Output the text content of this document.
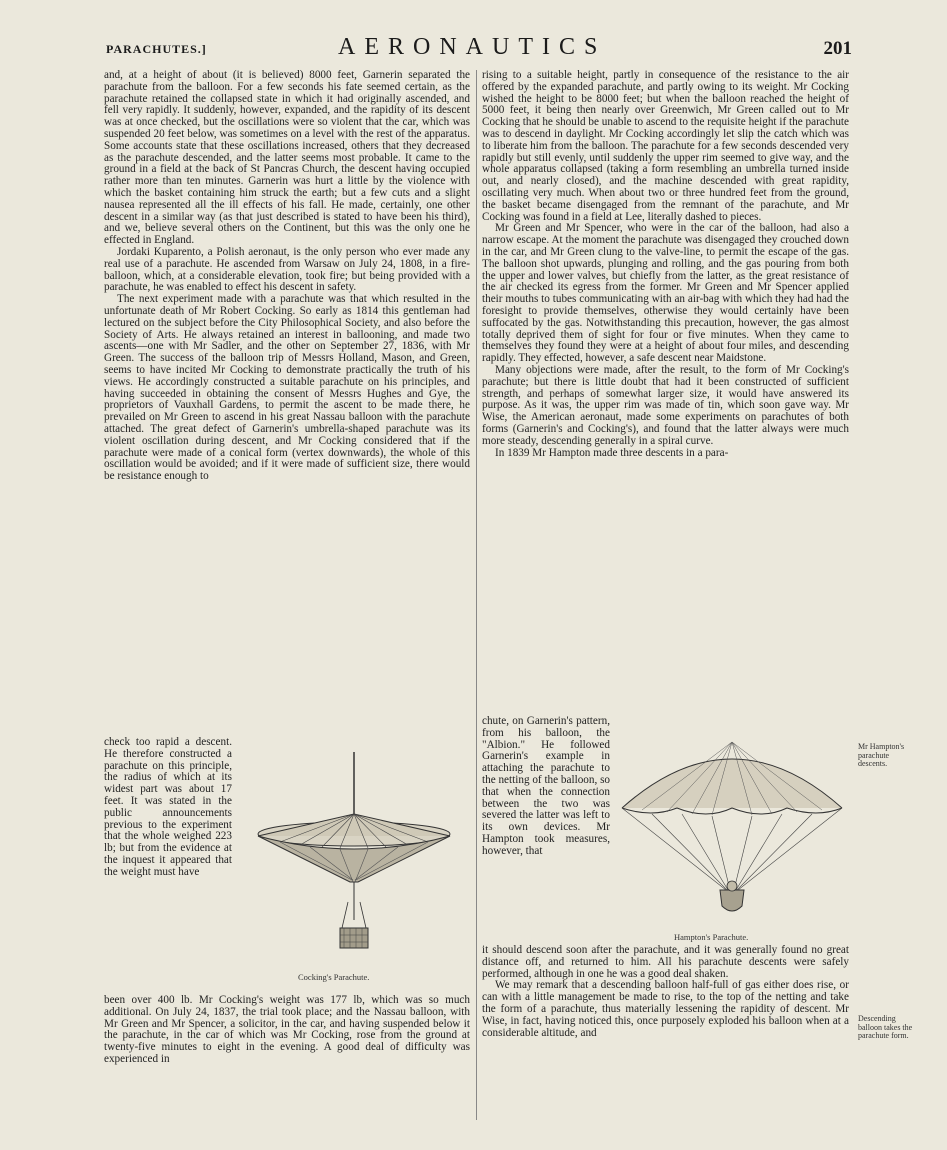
PARACHUTES.]	AERONAUTICS	201

and, at a height of about (it is believed) 8000 feet, Garnerin separated the parachute from the balloon. For a few seconds his fate seemed certain, as the parachute retained the collapsed state in which it had originally ascended, and fell very rapidly. It suddenly, however, expanded, and the rapidity of its descent was at once checked, but the oscillations were so violent that the car, which was suspended 20 feet below, was sometimes on a level with the rest of the apparatus. Some accounts state that these oscillations increased, others that they decreased as the parachute descended, and the latter seems most probable. It came to the ground in a field at the back of St Pancras Church, the descent having occupied rather more than ten minutes. Garnerin was hurt a little by the violence with which the basket containing him struck the earth; but a few cuts and a slight nausea represented all the ill effects of his fall. He made, certainly, one other descent in a similar way (as that just described is stated to have been his third), and we, believe several others on the Continent, but this was the only one he effected in England.

Jordaki Kuparento, a Polish aeronaut, is the only person who ever made any real use of a parachute. He ascended from Warsaw on July 24, 1808, in a fire-balloon, which, at a considerable elevation, took fire; but being provided with a parachute, he was enabled to effect his descent in safety.

The next experiment made with a parachute was that which resulted in the unfortunate death of Mr Robert Cocking. So early as 1814 this gentleman had lectured on the subject before the City Philosophical Society, and also before the Society of Arts. He always retained an interest in ballooning, and made two ascents—one with Mr Sadler, and the other on September 27, 1836, with Mr Green. The success of the balloon trip of Messrs Holland, Mason, and Green, seems to have incited Mr Cocking to demonstrate practically the truth of his views. He accordingly constructed a suitable parachute on his principles, and having succeeded in obtaining the consent of Messrs Hughes and Gye, the proprietors of Vauxhall Gardens, to permit the ascent to be made there, he prevailed on Mr Green to ascend in his great Nassau balloon with the parachute attached. The great defect of Garnerin's umbrella-shaped parachute was its violent oscillation during descent, and Mr Cocking considered that if the parachute were made of a conical form (vertex downwards), the whole of this oscillation would be avoided; and if it were made of sufficient size, there would be resistance enough to

check too rapid a descent. He therefore constructed a parachute on this principle, the radius of which at its widest part was about 17 feet. It was stated in the public announcements previous to the experiment that the whole weighed 223 lb; but from the evidence at the inquest it appeared that the weight must have

been over 400 lb. Mr Cocking's weight was 177 lb, which was so much additional. On July 24, 1837, the trial took place; and the Nassau balloon, with Mr Green and Mr Spencer, a solicitor, in the car, and having suspended below it the parachute, in the car of which was Mr Cocking, rose from the ground at twenty-five minutes to eight in the evening. A good deal of difficulty was experienced in

Cocking's Parachute.

rising to a suitable height, partly in consequence of the resistance to the air offered by the expanded parachute, and partly owing to its weight. Mr Cocking wished the height to be 8000 feet; but when the balloon reached the height of 5000 feet, it being then nearly over Greenwich, Mr Green called out to Mr Cocking that he should be unable to ascend to the requisite height if the parachute was to descend in daylight. Mr Cocking accordingly let slip the catch which was to liberate him from the balloon. The parachute for a few seconds descended very rapidly but still evenly, until suddenly the upper rim seemed to give way, and the whole apparatus collapsed (taking a form resembling an umbrella turned inside out, and nearly closed), and the machine descended with great rapidity, oscillating very much. When about two or three hundred feet from the ground, the basket became disengaged from the remnant of the parachute, and Mr Cocking was found in a field at Lee, literally dashed to pieces.

Mr Green and Mr Spencer, who were in the car of the balloon, had also a narrow escape. At the moment the parachute was disengaged they crouched down in the car, and Mr Green clung to the valve-line, to permit the escape of the gas. The balloon shot upwards, plunging and rolling, and the gas pouring from both the upper and lower valves, but chiefly from the latter, as the great resistance of the air checked its egress from the former. Mr Green and Mr Spencer applied their mouths to tubes communicating with an air-bag with which they had had the foresight to provide themselves, otherwise they would certainly have been suffocated by the gas. Notwithstanding this precaution, however, the gas almost totally deprived them of sight for four or five minutes. When they came to themselves they found they were at a height of about four miles, and descending rapidly. They effected, however, a safe descent near Maidstone.

Many objections were made, after the result, to the form of Mr Cocking's parachute; but there is little doubt that had it been constructed of sufficient strength, and perhaps of somewhat larger size, it would have answered its purpose. As it was, the upper rim was made of tin, which soon gave way. Mr Wise, the American aeronaut, made some experiments on parachutes of both forms (Garnerin's and Cocking's), and found that the latter always were much more steady, descending generally in a spiral curve.

In 1839 Mr Hampton made three descents in a para-

chute, on Garnerin's pattern, from his balloon, the "Albion." He followed Garnerin's example in attaching the parachute to the netting of the balloon, so that when the connection between the two was severed the latter was left to its own devices. Mr Hampton took measures, however, that

it should descend soon after the parachute, and it was generally found no great distance off, and returned to him. All his parachute descents were safely performed, although in one he was a good deal shaken.

We may remark that a descending balloon half-full of gas either does rise, or can with a little management be made to rise, to the top of the netting and take the form of a parachute, thus materially lessening the rapidity of descent. Mr Wise, in fact, having noticed this, once purposely exploded his balloon when at a considerable altitude, and

Hampton's Parachute.
Mr Hampton's parachute descents.
Descending balloon takes the parachute form.
